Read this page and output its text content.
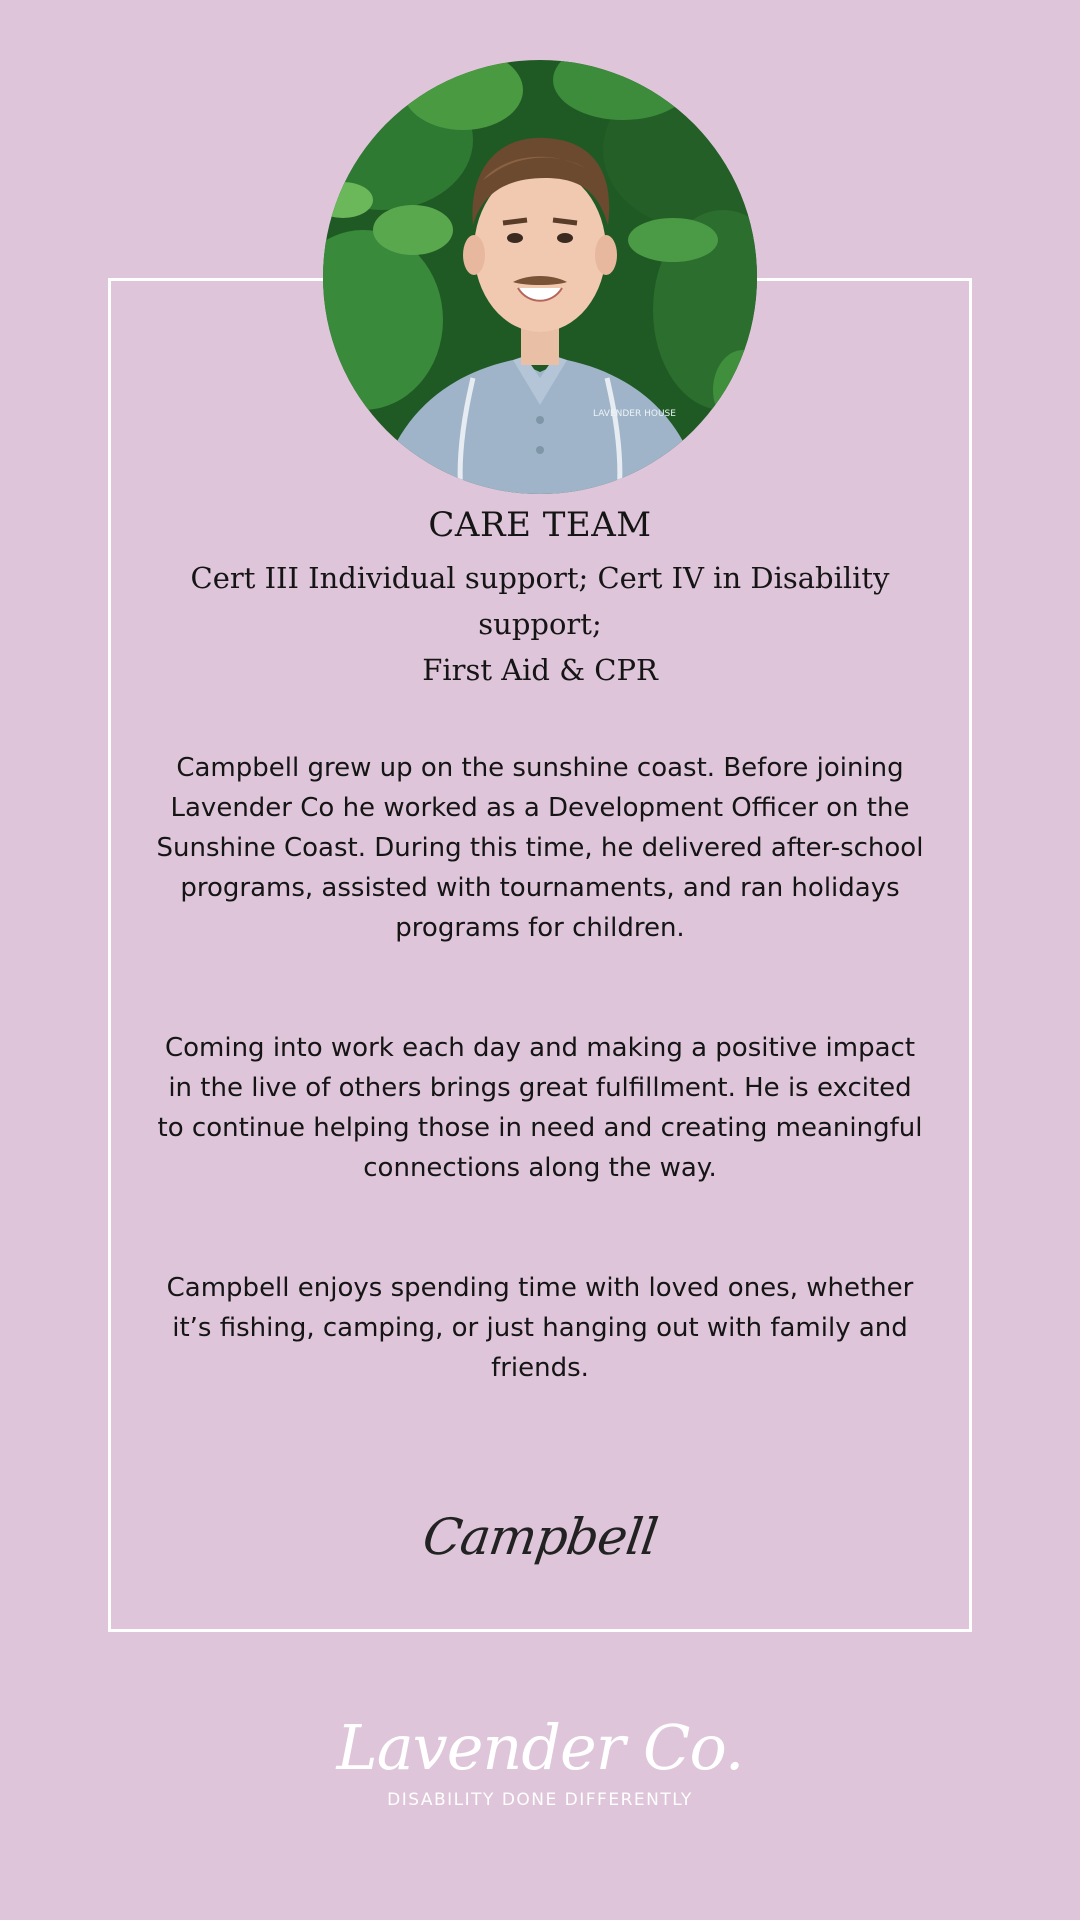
LAVENDER HOUSE
CARE TEAM
Cert III Individual support; Cert IV in Disability support;
First Aid & CPR
Campbell grew up on the sunshine coast. Before joining Lavender Co he worked as a Development Officer on the Sunshine Coast. During this time, he delivered after-school programs, assisted with tournaments, and ran holidays programs for children.
Coming into work each day and making a positive impact in the live of others brings great fulfillment. He is excited to continue helping those in need and creating meaningful connections along the way.
Campbell enjoys spending time with loved ones, whether it’s fishing, camping, or just hanging out with family and friends.
Campbell
Lavender Co.
DISABILITY DONE DIFFERENTLY
